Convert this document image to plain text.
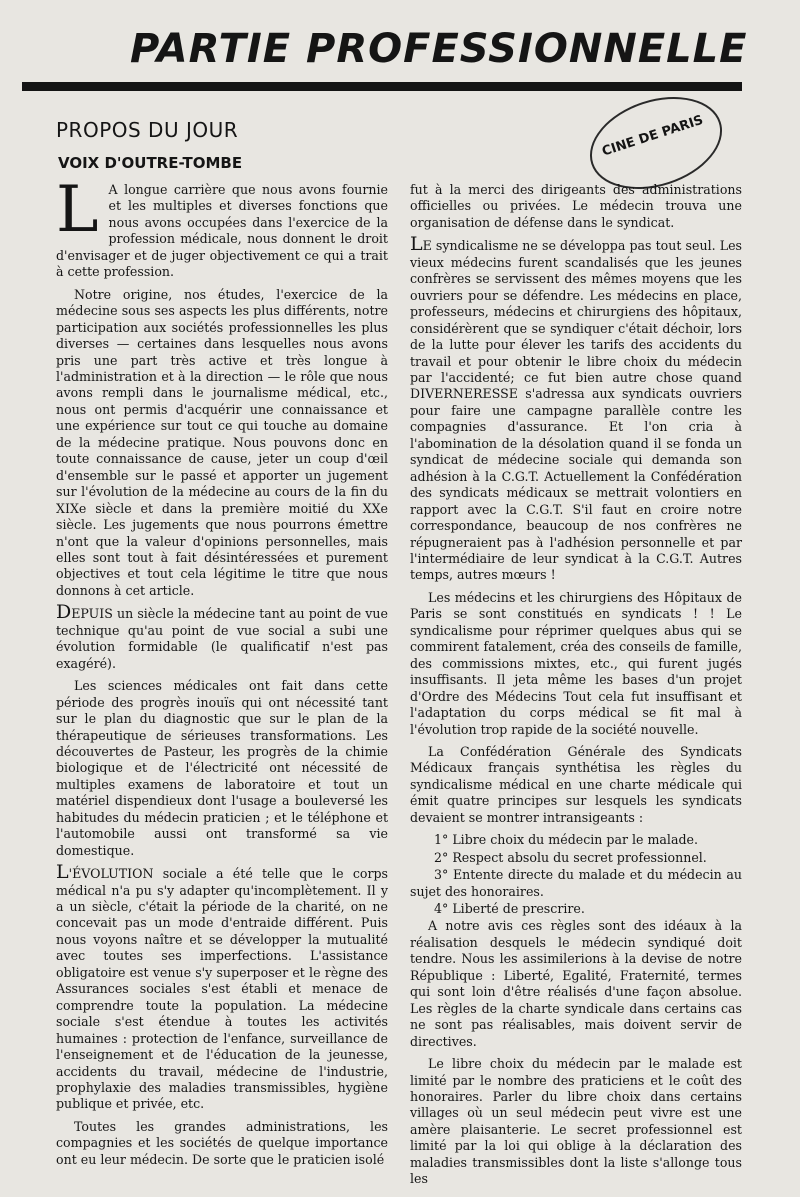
PARTIE PROFESSIONNELLE
CINE DE PARIS
PROPOS DU JOUR
VOIX D'OUTRE-TOMBE

L A longue carrière que nous avons fournie et les multiples et diverses fonctions que nous avons occupées dans l'exercice de la profession médicale, nous donnent le droit d'envisager et de juger objectivement ce qui a trait à cette profession.

Notre origine, nos études, l'exercice de la médecine sous ses aspects les plus différents, notre participation aux sociétés professionnelles les plus diverses — certaines dans lesquelles nous avons pris une part très active et très longue à l'administration et à la direction — le rôle que nous avons rempli dans le journalisme médical, etc., nous ont permis d'acquérir une connaissance et une expérience sur tout ce qui touche au domaine de la médecine pratique. Nous pouvons donc en toute connaissance de cause, jeter un coup d'œil d'ensemble sur le passé et apporter un jugement sur l'évolution de la médecine au cours de la fin du XIXe siècle et dans la première moitié du XXe siècle. Les jugements que nous pourrons émettre n'ont que la valeur d'opinions personnelles, mais elles sont tout à fait désintéressées et purement objectives et tout cela légitime le titre que nous donnons à cet article.

DEPUIS un siècle la médecine tant au point de vue technique qu'au point de vue social a subi une évolution formidable (le qualificatif n'est pas exagéré).

Les sciences médicales ont fait dans cette période des progrès inouïs qui ont nécessité tant sur le plan du diagnostic que sur le plan de la thérapeutique de sérieuses transformations. Les découvertes de Pasteur, les progrès de la chimie biologique et de l'électricité ont nécessité de multiples examens de laboratoire et tout un matériel dispendieux dont l'usage a bouleversé les habitudes du médecin praticien ; et le téléphone et l'automobile aussi ont transformé sa vie domestique.

L'ÉVOLUTION sociale a été telle que le corps médical n'a pu s'y adapter qu'incomplètement. Il y a un siècle, c'était la période de la charité, on ne concevait pas un mode d'entraide différent. Puis nous voyons naître et se développer la mutualité avec toutes ses imperfections. L'assistance obligatoire est venue s'y superposer et le règne des Assurances sociales s'est établi et menace de comprendre toute la population. La médecine sociale s'est étendue à toutes les activités humaines : protection de l'enfance, surveillance de l'enseignement et de l'éducation de la jeunesse, accidents du travail, médecine de l'industrie, prophylaxie des maladies transmissibles, hygiène publique et privée, etc.

Toutes les grandes administrations, les compagnies et les sociétés de quelque importance ont eu leur médecin. De sorte que le praticien isolé

fut à la merci des dirigeants des administrations officielles ou privées. Le médecin trouva une organisation de défense dans le syndicat.

LE syndicalisme ne se développa pas tout seul. Les vieux médecins furent scandalisés que les jeunes confrères se servissent des mêmes moyens que les ouvriers pour se défendre. Les médecins en place, professeurs, médecins et chirurgiens des hôpitaux, considérèrent que se syndiquer c'était déchoir, lors de la lutte pour élever les tarifs des accidents du travail et pour obtenir le libre choix du médecin par l'accidenté; ce fut bien autre chose quand DIVERNERESSE s'adressa aux syndicats ouvriers pour faire une campagne parallèle contre les compagnies d'assurance. Et l'on cria à l'abomination de la désolation quand il se fonda un syndicat de médecine sociale qui demanda son adhésion à la C.G.T. Actuellement la Confédération des syndicats médicaux se mettrait volontiers en rapport avec la C.G.T. S'il faut en croire notre correspondance, beaucoup de nos confrères ne répugneraient pas à l'adhésion personnelle et par l'intermédiaire de leur syndicat à la C.G.T. Autres temps, autres mœurs !

Les médecins et les chirurgiens des Hôpitaux de Paris se sont constitués en syndicats ! ! Le syndicalisme pour réprimer quelques abus qui se commirent fatalement, créa des conseils de famille, des commissions mixtes, etc., qui furent jugés insuffisants. Il jeta même les bases d'un projet d'Ordre des Médecins Tout cela fut insuffisant et l'adaptation du corps médical se fit mal à l'évolution trop rapide de la société nouvelle.

La Confédération Générale des Syndicats Médicaux français synthétisa les règles du syndicalisme médical en une charte médicale qui émit quatre principes sur lesquels les syndicats devaient se montrer intransigeants :

1° Libre choix du médecin par le malade.

2° Respect absolu du secret professionnel.

3° Entente directe du malade et du médecin au sujet des honoraires.

4° Liberté de prescrire.

A notre avis ces règles sont des idéaux à la réalisation desquels le médecin syndiqué doit tendre. Nous les assimilerions à la devise de notre République : Liberté, Egalité, Fraternité, termes qui sont loin d'être réalisés d'une façon absolue. Les règles de la charte syndicale dans certains cas ne sont pas réalisables, mais doivent servir de directives.

Le libre choix du médecin par le malade est limité par le nombre des praticiens et le coût des honoraires. Parler du libre choix dans certains villages où un seul médecin peut vivre est une amère plaisanterie. Le secret professionnel est limité par la loi qui oblige à la déclaration des maladies transmissibles dont la liste s'allonge tous les
